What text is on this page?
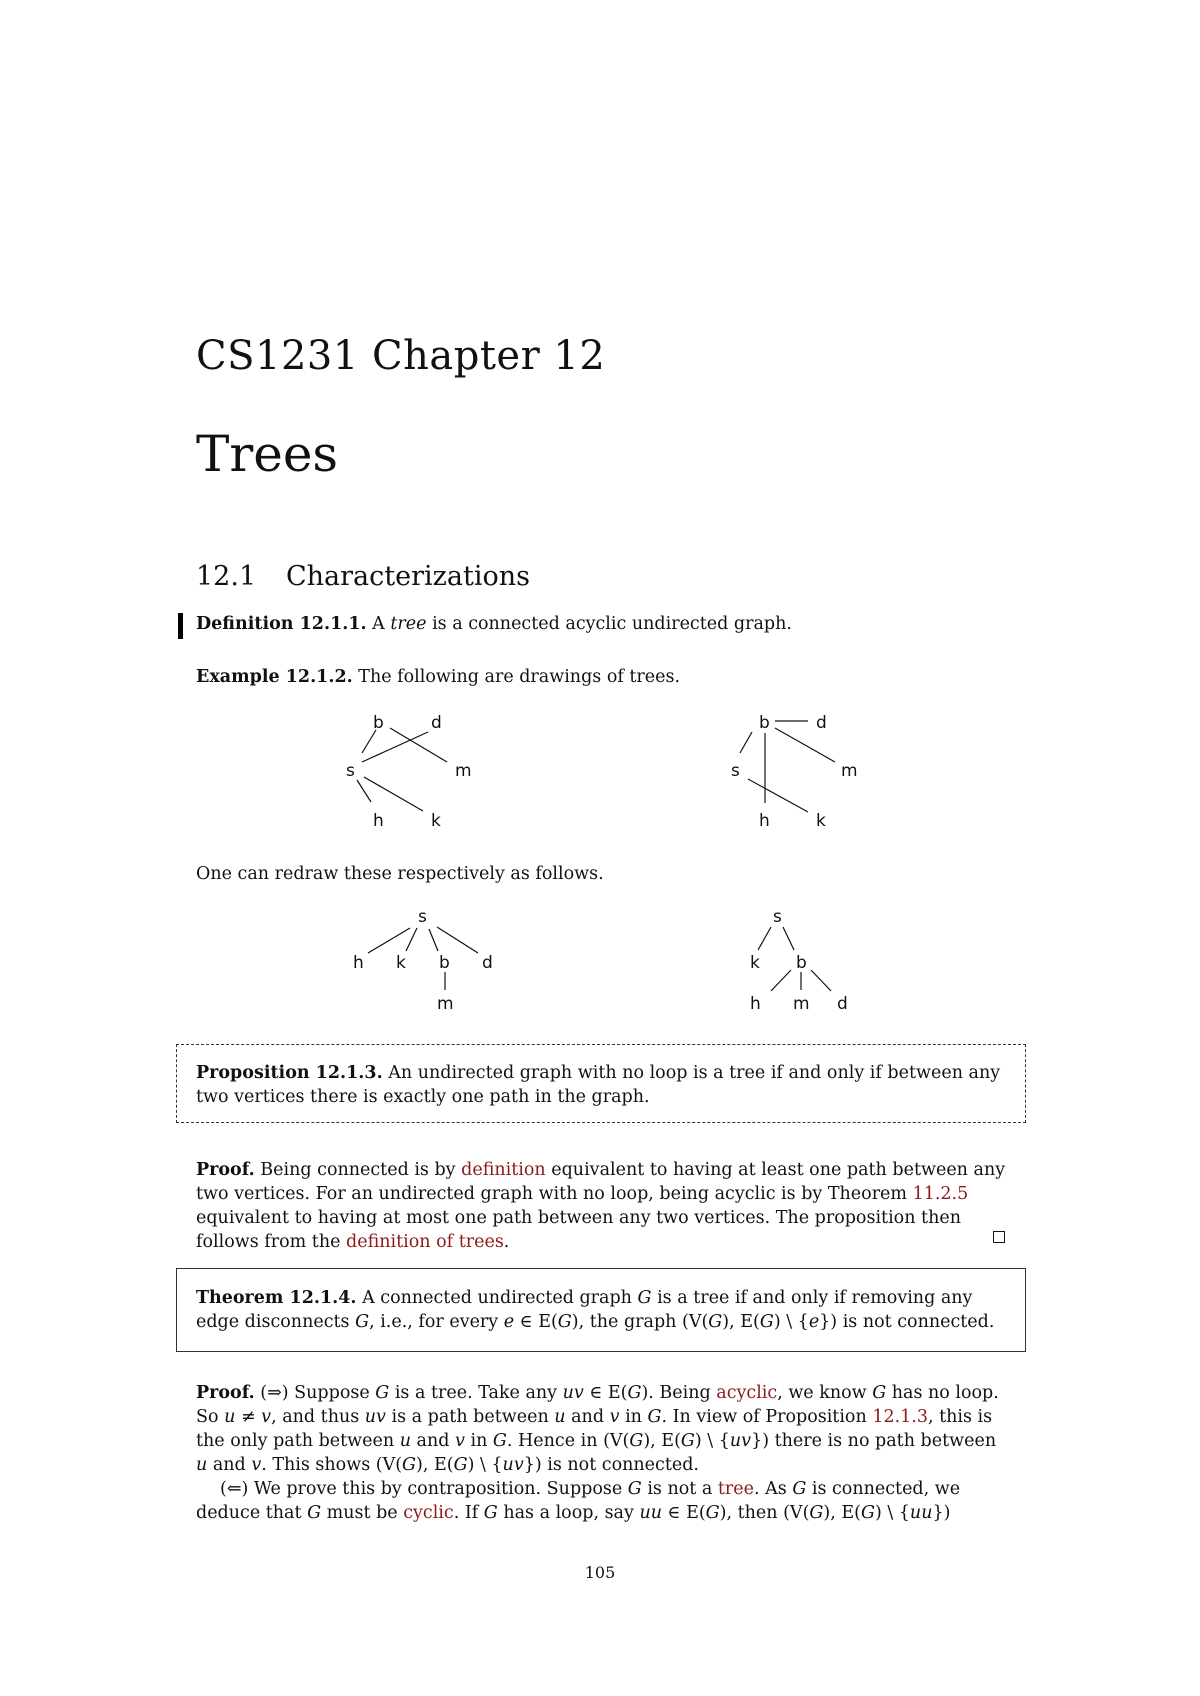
CS1231 Chapter 12
Trees
12.1 Characterizations

Definition 12.1.1. A tree is a connected acyclic undirected graph.

Example 12.1.2. The following are drawings of trees.

b	d
s	m
h	k
b	d
s	m
h	k
s
h k b d
m
s
k b
h m d

One can redraw these respectively as follows.

Proposition 12.1.3. An undirected graph with no loop is a tree if and only if between any two vertices there is exactly one path in the graph.

Proof. Being connected is by definition equivalent to having at least one path between any two vertices. For an undirected graph with no loop, being acyclic is by Theorem 11.2.5 equivalent to having at most one path between any two vertices. The proposition then follows from the definition of trees.

Theorem 12.1.4. A connected undirected graph G is a tree if and only if removing any edge disconnects G, i.e., for every e ∈ E(G), the graph (V(G), E(G) \ {e}) is not connected.

Proof. (⇒) Suppose G is a tree. Take any uv ∈ E(G). Being acyclic, we know G has no loop. So u ≠ v, and thus uv is a path between u and v in G. In view of Proposition 12.1.3, this is the only path between u and v in G. Hence in (V(G), E(G) \ {uv}) there is no path between u and v. This shows (V(G), E(G) \ {uv}) is not connected.

(⇐) We prove this by contraposition. Suppose G is not a tree. As G is connected, we deduce that G must be cyclic. If G has a loop, say uu ∈ E(G), then (V(G), E(G) \ {uu})

105
